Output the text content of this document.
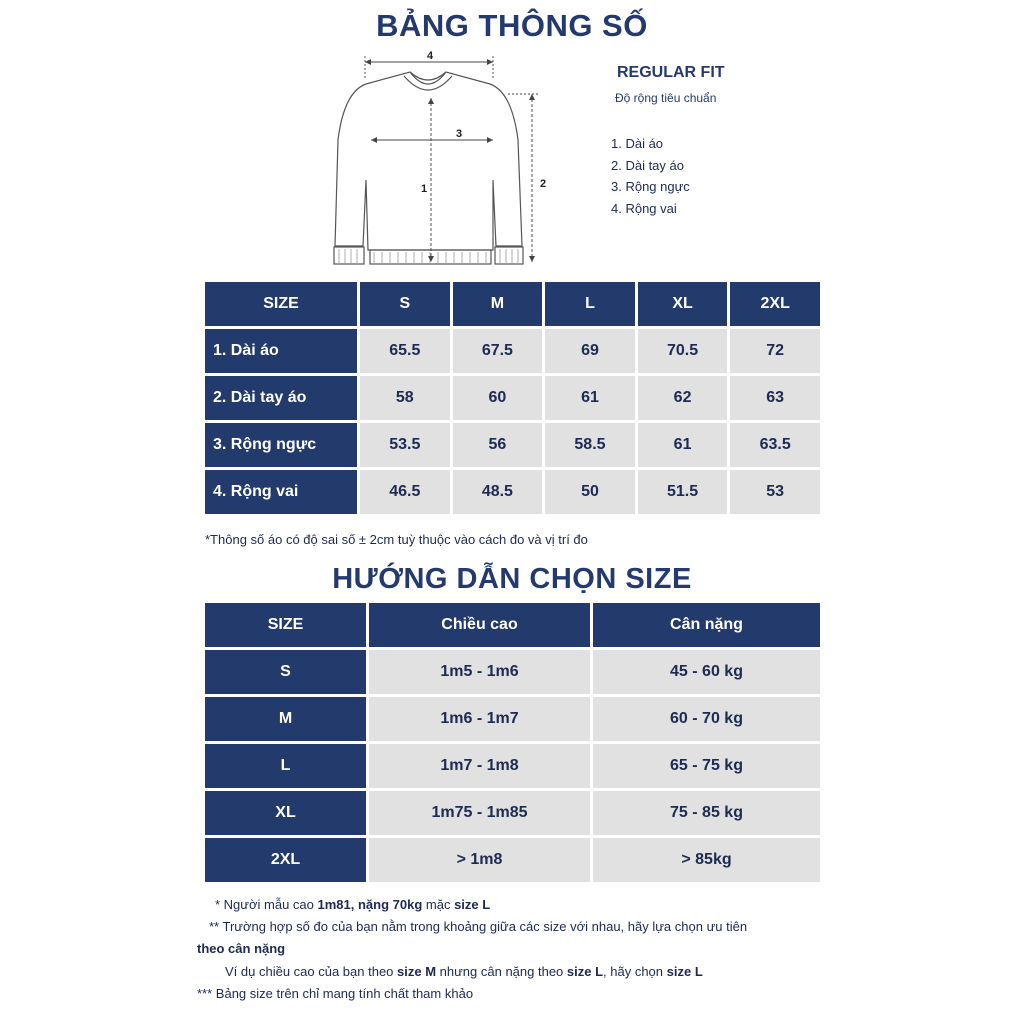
BẢNG THÔNG SỐ
4
3
1	2
REGULAR FIT
Độ rộng tiêu chuẩn
1. Dài áo
2. Dài tay áo
3. Rộng ngực
4. Rộng vai
SIZE	S	M	L	XL	2XL
1. Dài áo	65.5	67.5	69	70.5	72
2. Dài tay áo	58	60	61	62	63
3. Rộng ngực	53.5	56	58.5	61	63.5
4. Rộng vai	46.5	48.5	50	51.5	53
*Thông số áo có độ sai số ± 2cm tuỳ thuộc vào cách đo và vị trí đo
HƯỚNG DẪN CHỌN SIZE
SIZE	Chiều cao	Cân nặng
S	1m5 - 1m6	45 - 60 kg
M	1m6 - 1m7	60 - 70 kg
L	1m7 - 1m8	65 - 75 kg
XL	1m75 - 1m85	75 - 85 kg
2XL	> 1m8	> 85kg
* Người mẫu cao 1m81, nặng 70kg mặc size L
** Trường hợp số đo của bạn nằm trong khoảng giữa các size với nhau, hãy lựa chọn ưu tiên
theo cân nặng
Ví dụ chiều cao của bạn theo size M nhưng cân nặng theo size L, hãy chọn size L
*** Bảng size trên chỉ mang tính chất tham khảo
